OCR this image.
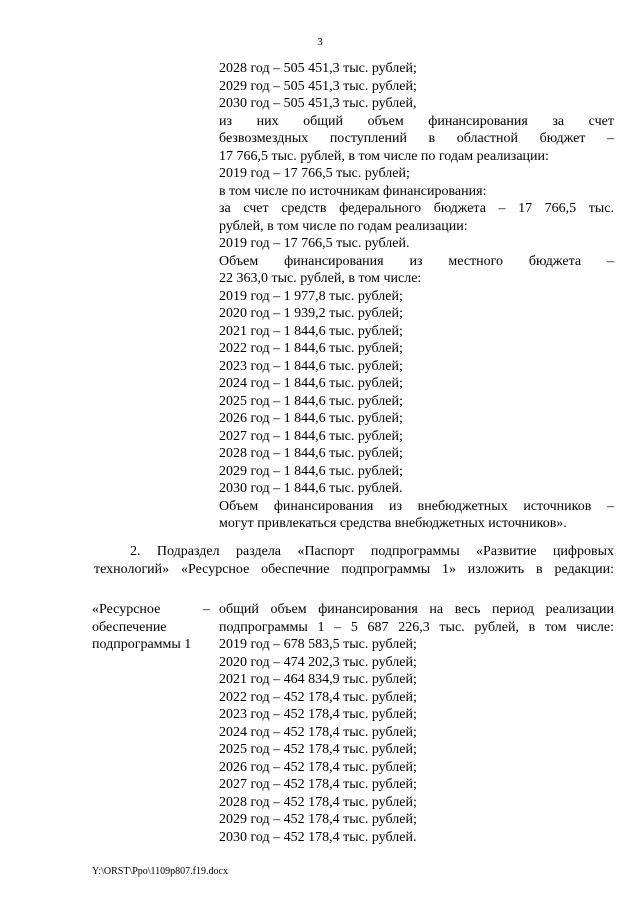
3
2028 год – 505 451,3 тыс. рублей;
2029 год – 505 451,3 тыс. рублей;
2030 год – 505 451,3 тыс. рублей,
из них общий объем финансирования за счет
безвозмездных поступлений в областной бюджет –
17 766,5 тыс. рублей, в том числе по годам реализации:
2019 год – 17 766,5 тыс. рублей;
в том числе по источникам финансирования:
за счет средств федерального бюджета – 17 766,5 тыс.
рублей, в том числе по годам реализации:
2019 год – 17 766,5 тыс. рублей.
Объем финансирования из местного бюджета –
22 363,0 тыс. рублей, в том числе:
2019 год – 1 977,8 тыс. рублей;
2020 год – 1 939,2 тыс. рублей;
2021 год – 1 844,6 тыс. рублей;
2022 год – 1 844,6 тыс. рублей;
2023 год – 1 844,6 тыс. рублей;
2024 год – 1 844,6 тыс. рублей;
2025 год – 1 844,6 тыс. рублей;
2026 год – 1 844,6 тыс. рублей;
2027 год – 1 844,6 тыс. рублей;
2028 год – 1 844,6 тыс. рублей;
2029 год – 1 844,6 тыс. рублей;
2030 год – 1 844,6 тыс. рублей.
Объем финансирования из внебюджетных источников –
могут привлекаться средства внебюджетных источников».
2. Подраздел раздела «Паспорт подпрограммы «Развитие цифровых
технологий» «Ресурсное обеспечние подпрограммы 1» изложить в редакции:
«Ресурсное
обеспечение
подпрограммы 1
– общий объем финансирования на весь период реализации
подпрограммы 1 – 5 687 226,3 тыс. рублей, в том числе:
2019 год – 678 583,5 тыс. рублей;
2020 год – 474 202,3 тыс. рублей;
2021 год – 464 834,9 тыс. рублей;
2022 год – 452 178,4 тыс. рублей;
2023 год – 452 178,4 тыс. рублей;
2024 год – 452 178,4 тыс. рублей;
2025 год – 452 178,4 тыс. рублей;
2026 год – 452 178,4 тыс. рублей;
2027 год – 452 178,4 тыс. рублей;
2028 год – 452 178,4 тыс. рублей;
2029 год – 452 178,4 тыс. рублей;
2030 год – 452 178,4 тыс. рублей.
Y:\ORST\Ppo\1109p807.f19.docx
